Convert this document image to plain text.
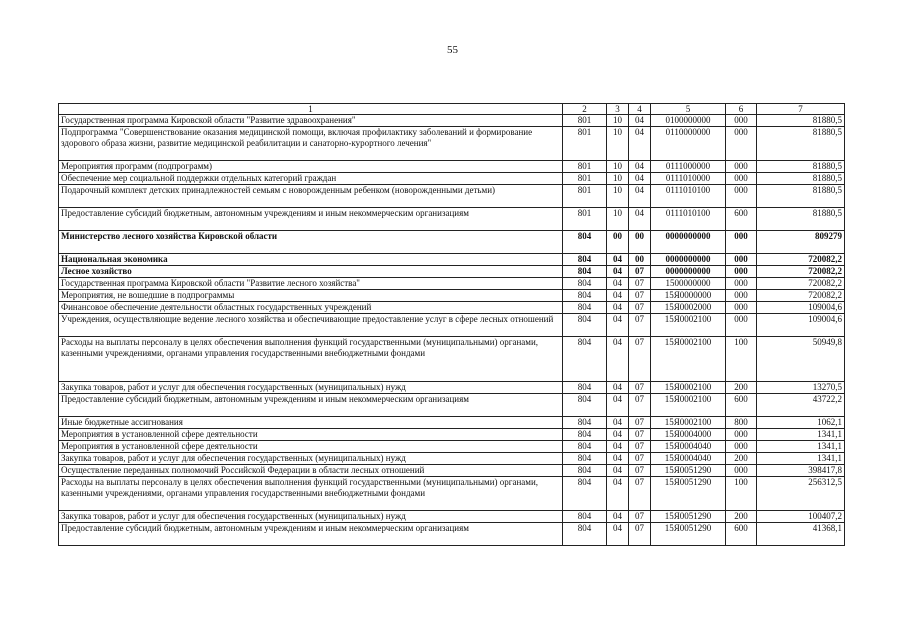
55
1	2	3	4	5	6	7
Государственная программа Кировской области "Развитие здравоохранения"	801	10	04	0100000000	000	81880,5
Подпрограмма "Совершенствование оказания медицинской помощи, включая профилактику заболеваний и формирование здорового образа жизни, развитие медицинской реабилитации и санаторно-курортного лечения"	801	10	04	0110000000	000	81880,5
Мероприятия программ (подпрограмм)	801	10	04	0111000000	000	81880,5
Обеспечение мер социальной поддержки отдельных категорий граждан	801	10	04	0111010000	000	81880,5
Подарочный комплект детских принадлежностей семьям с новорожденным ребенком (новорожденными детьми)	801	10	04	0111010100	000	81880,5
Предоставление субсидий бюджетным, автономным учреждениям и иным некоммерческим организациям	801	10	04	0111010100	600	81880,5
Министерство лесного хозяйства Кировской области	804	00	00	0000000000	000	809279
Национальная экономика	804	04	00	0000000000	000	720082,2
Лесное хозяйство	804	04	07	0000000000	000	720082,2
Государственная программа Кировской области "Развитие лесного хозяйства"	804	04	07	1500000000	000	720082,2
Мероприятия, не вошедшие в подпрограммы	804	04	07	15Я0000000	000	720082,2
Финансовое обеспечение деятельности областных государственных учреждений	804	04	07	15Я0002000	000	109004,6
Учреждения, осуществляющие ведение лесного хозяйства и обеспечивающие предоставление услуг в сфере лесных отношений	804	04	07	15Я0002100	000	109004,6
Расходы на выплаты персоналу в целях обеспечения выполнения функций государственными (муниципальными) органами, казенными учреждениями, органами управления государственными внебюджетными фондами	804	04	07	15Я0002100	100	50949,8
Закупка товаров, работ и услуг для обеспечения государственных (муниципальных) нужд	804	04	07	15Я0002100	200	13270,5
Предоставление субсидий бюджетным, автономным учреждениям и иным некоммерческим организациям	804	04	07	15Я0002100	600	43722,2
Иные бюджетные ассигнования	804	04	07	15Я0002100	800	1062,1
Мероприятия в установленной сфере деятельности	804	04	07	15Я0004000	000	1341,1
Мероприятия в установленной сфере деятельности	804	04	07	15Я0004040	000	1341,1
Закупка товаров, работ и услуг для обеспечения государственных (муниципальных) нужд	804	04	07	15Я0004040	200	1341,1
Осуществление переданных полномочий Российской Федерации в области лесных отношений	804	04	07	15Я0051290	000	398417,8
Расходы на выплаты персоналу в целях обеспечения выполнения функций государственными (муниципальными) органами, казенными учреждениями, органами управления государственными внебюджетными фондами	804	04	07	15Я0051290	100	256312,5
Закупка товаров, работ и услуг для обеспечения государственных (муниципальных) нужд	804	04	07	15Я0051290	200	100407,2
Предоставление субсидий бюджетным, автономным учреждениям и иным некоммерческим организациям	804	04	07	15Я0051290	600	41368,1
